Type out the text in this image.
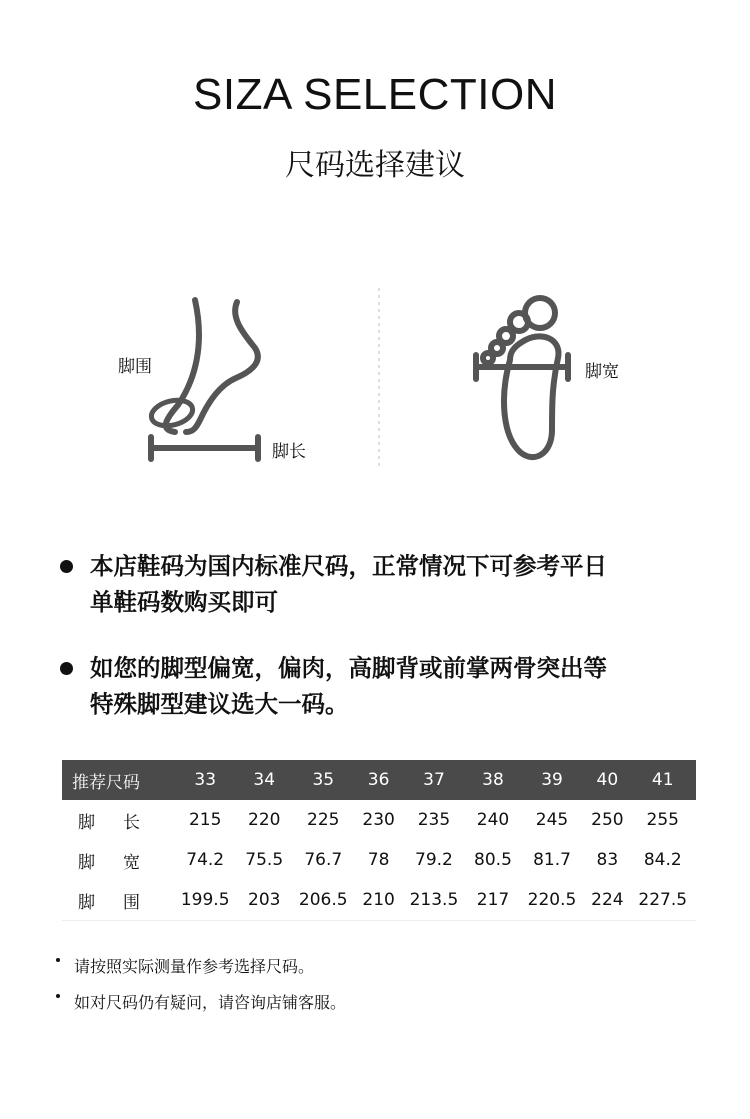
SIZA SELECTION
尺码选择建议
脚围
脚长
脚宽
本店鞋码为国内标准尺码，正常情况下可参考平日
单鞋码数购买即可
如您的脚型偏宽，偏肉，高脚背或前掌两骨突出等
特殊脚型建议选大一码。
推荐尺码	33	34	35	36	37	38	39	40	41
脚长	215	220	225	230	235	240	245	250	255
脚宽	74.2	75.5	76.7	78	79.2	80.5	81.7	83	84.2
脚围	199.5	203	206.5	210	213.5	217	220.5	224	227.5
请按照实际测量作参考选择尺码。
如对尺码仍有疑问，请咨询店铺客服。
